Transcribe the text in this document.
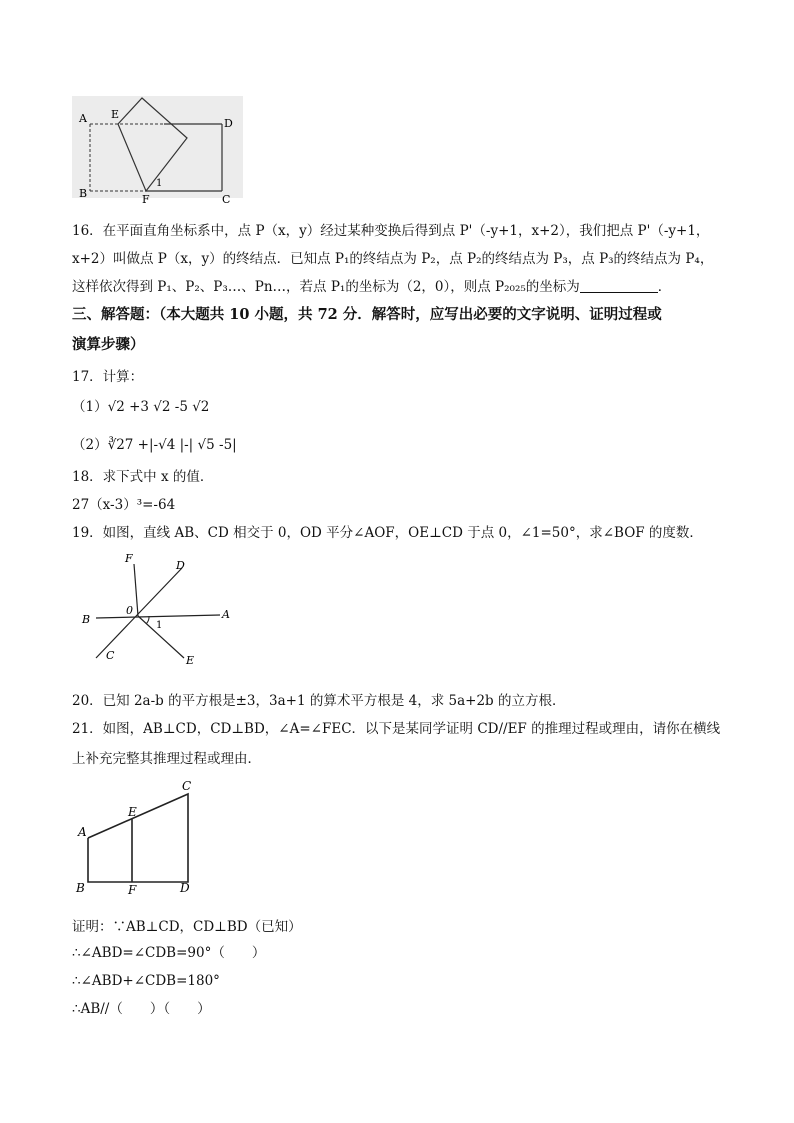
A E
D
B	F	C
1
16．在平面直角坐标系中，点 P（x，y）经过某种变换后得到点 P'（-y+1，x+2），我们把点 P'（-y+1，
x+2）叫做点 P（x，y）的终结点．已知点 P₁的终结点为 P₂，点 P₂的终结点为 P₃，点 P₃的终结点为 P₄，
这样依次得到 P₁、P₂、P₃…、Pn…，若点 P₁的坐标为（2，0），则点 P₂₀₂₅的坐标为	．
三、解答题：（本大题共 10 小题，共 72 分．解答时，应写出必要的文字说明、证明过程或
演算步骤）
17．计算：
（1）√2 +3 √2 -5 √2
（2）∛27 +|-√4 |-| √5 -5|
18．求下式中 x 的值．
27（x-3）³=-64
19．如图，直线 AB、CD 相交于 0，OD 平分∠AOF，OE⊥CD 于点 0，∠1=50°，求∠BOF 的度数．
F
D
0	A
B
C	E
1
20．已知 2a-b 的平方根是±3，3a+1 的算术平方根是 4，求 5a+2b 的立方根．
21．如图，AB⊥CD，CD⊥BD，∠A=∠FEC．以下是某同学证明 CD//EF 的推理过程或理由，请你在横线
上补充完整其推理过程或理由．
A
E
C
B	F	D
证明：∵AB⊥CD，CD⊥BD（已知）
∴∠ABD=∠CDB=90°（　　）
∴∠ABD+∠CDB=180°
∴AB//（　　）（　　）
